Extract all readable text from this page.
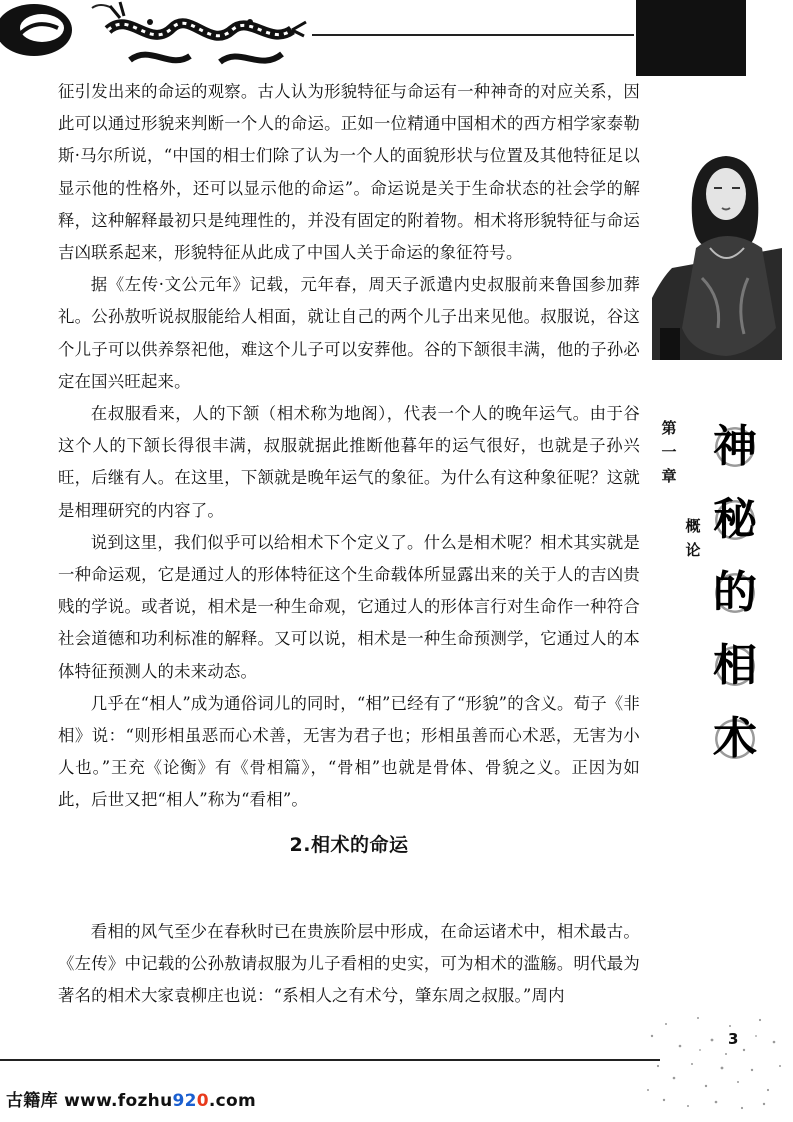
征引发出来的命运的观察。古人认为形貌特征与命运有一种神奇的对应关系，因此可以通过形貌来判断一个人的命运。正如一位精通中国相术的西方相学家泰勒斯·马尔所说，“中国的相士们除了认为一个人的面貌形状与位置及其他特征足以显示他的性格外，还可以显示他的命运”。命运说是关于生命状态的社会学的解释，这种解释最初只是纯理性的，并没有固定的附着物。相术将形貌特征与命运吉凶联系起来，形貌特征从此成了中国人关于命运的象征符号。

据《左传·文公元年》记载，元年春，周天子派遣内史叔服前来鲁国参加葬礼。公孙敖听说叔服能给人相面，就让自己的两个儿子出来见他。叔服说，谷这个儿子可以供养祭祀他，难这个儿子可以安葬他。谷的下颔很丰满，他的子孙必定在国兴旺起来。

在叔服看来，人的下颔（相术称为地阁），代表一个人的晚年运气。由于谷这个人的下颔长得很丰满，叔服就据此推断他暮年的运气很好，也就是子孙兴旺，后继有人。在这里，下颔就是晚年运气的象征。为什么有这种象征呢？这就是相理研究的内容了。

说到这里，我们似乎可以给相术下个定义了。什么是相术呢？相术其实就是一种命运观，它是通过人的形体特征这个生命载体所显露出来的关于人的吉凶贵贱的学说。或者说，相术是一种生命观，它通过人的形体言行对生命作一种符合社会道德和功利标准的解释。又可以说，相术是一种生命预测学，它通过人的本体特征预测人的未来动态。

几乎在“相人”成为通俗词儿的同时，“相”已经有了“形貌”的含义。荀子《非相》说：“则形相虽恶而心术善，无害为君子也；形相虽善而心术恶，无害为小人也。”王充《论衡》有《骨相篇》，“骨相”也就是骨体、骨貌之义。正因为如此，后世又把“相人”称为“看相”。

2.相术的命运

看相的风气至少在春秋时已在贵族阶层中形成，在命运诸术中，相术最古。《左传》中记载的公孙敖请叔服为儿子看相的史实，可为相术的滥觞。明代最为著名的相术大家袁柳庄也说：“系相人之有术兮，肇东周之叔服。”周内

第
一
章
概
论
神
秘
的
相
术
3
古籍库 www.fozhu920.com
